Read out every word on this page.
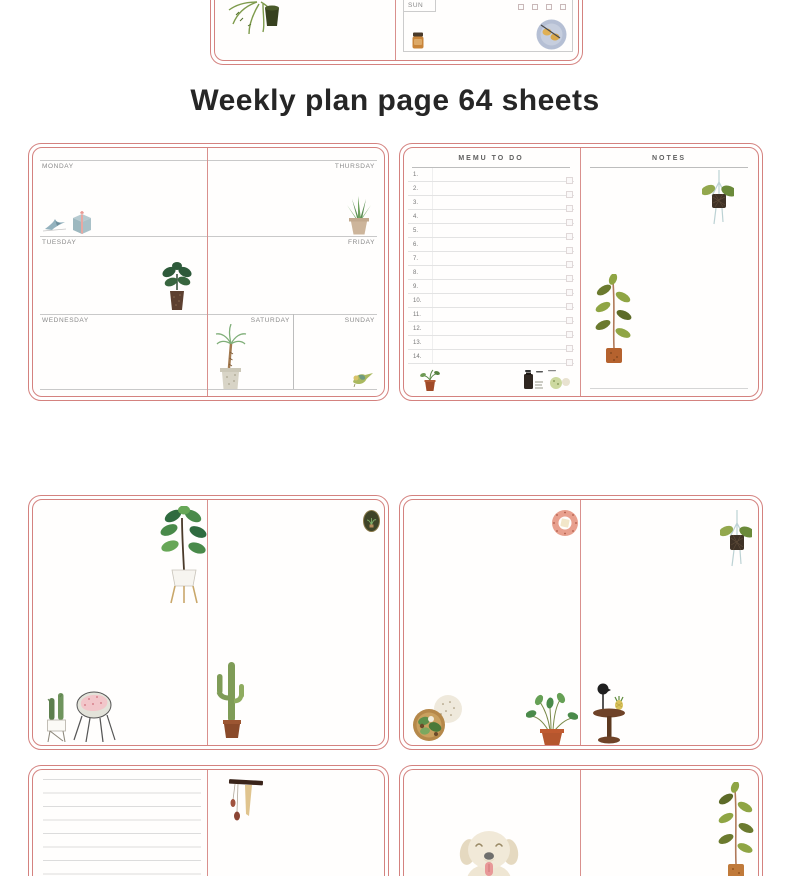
SUN
Weekly plan page 64 sheets
MONDAY	THURSDAY
TUESDAY	FRIDAY
WEDNESDAY	SATURDAY	SUNDAY
MEMU TO DO
1.
2.
3.
4.
5.
6.
7.
8.
9.
10.
11.
12.
13.
14.
NOTES
